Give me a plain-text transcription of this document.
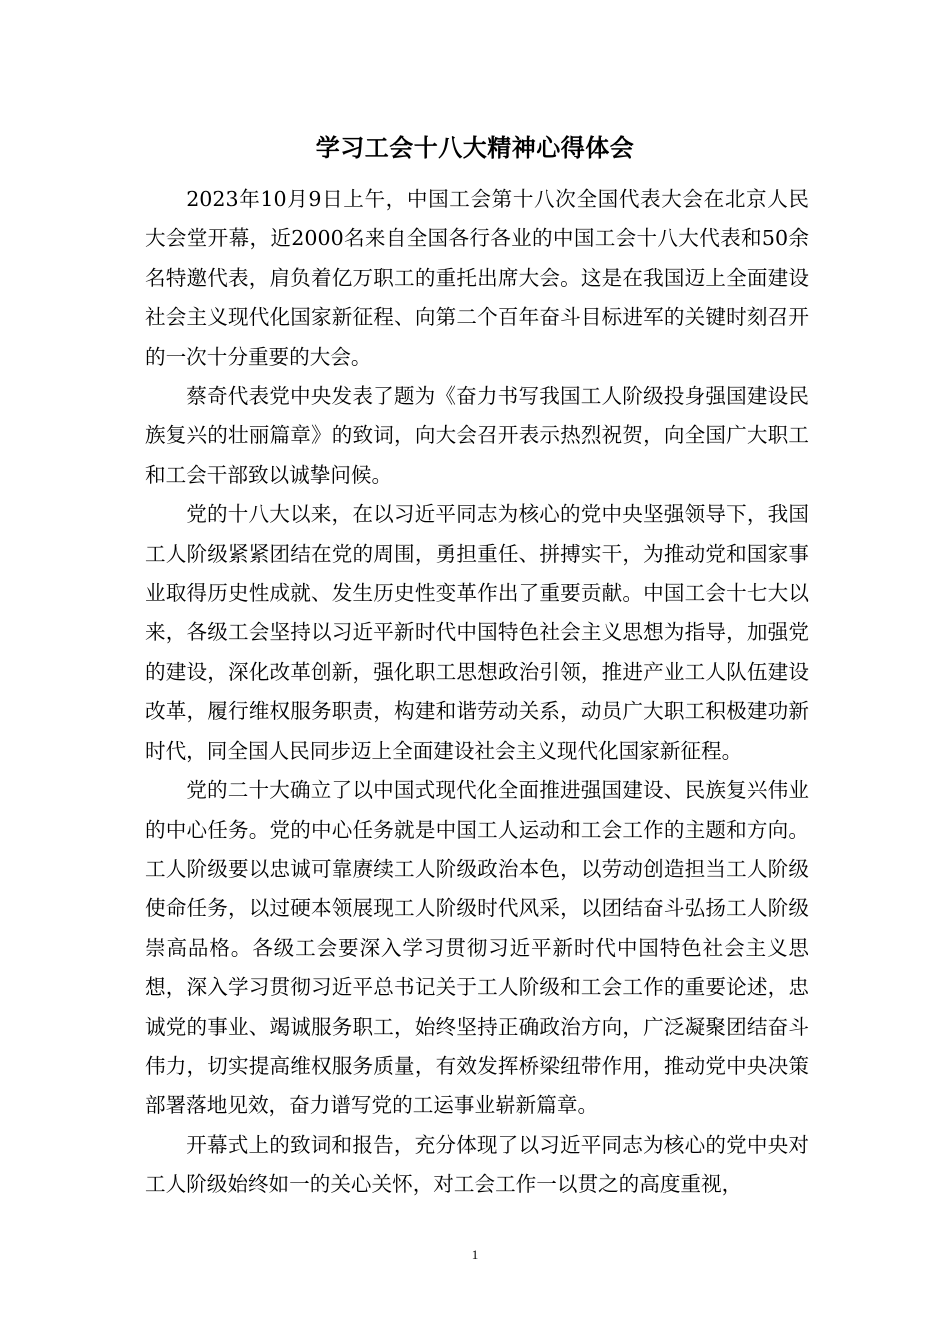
学习工会十八大精神心得体会

2023年10月9日上午，中国工会第十八次全国代表大会在北京人民大会堂开幕，近2000名来自全国各行各业的中国工会十八大代表和50余名特邀代表，肩负着亿万职工的重托出席大会。这是在我国迈上全面建设社会主义现代化国家新征程、向第二个百年奋斗目标进军的关键时刻召开的一次十分重要的大会。

蔡奇代表党中央发表了题为《奋力书写我国工人阶级投身强国建设民族复兴的壮丽篇章》的致词，向大会召开表示热烈祝贺，向全国广大职工和工会干部致以诚挚问候。

党的十八大以来，在以习近平同志为核心的党中央坚强领导下，我国工人阶级紧紧团结在党的周围，勇担重任、拼搏实干，为推动党和国家事业取得历史性成就、发生历史性变革作出了重要贡献。中国工会十七大以来，各级工会坚持以习近平新时代中国特色社会主义思想为指导，加强党的建设，深化改革创新，强化职工思想政治引领，推进产业工人队伍建设改革，履行维权服务职责，构建和谐劳动关系，动员广大职工积极建功新时代，同全国人民同步迈上全面建设社会主义现代化国家新征程。

党的二十大确立了以中国式现代化全面推进强国建设、民族复兴伟业的中心任务。党的中心任务就是中国工人运动和工会工作的主题和方向。工人阶级要以忠诚可靠赓续工人阶级政治本色，以劳动创造担当工人阶级使命任务，以过硬本领展现工人阶级时代风采，以团结奋斗弘扬工人阶级崇高品格。各级工会要深入学习贯彻习近平新时代中国特色社会主义思想，深入学习贯彻习近平总书记关于工人阶级和工会工作的重要论述，忠诚党的事业、竭诚服务职工，始终坚持正确政治方向，广泛凝聚团结奋斗伟力，切实提高维权服务质量，有效发挥桥梁纽带作用，推动党中央决策部署落地见效，奋力谱写党的工运事业崭新篇章。

开幕式上的致词和报告，充分体现了以习近平同志为核心的党中央对工人阶级始终如一的关心关怀，对工会工作一以贯之的高度重视，

1
